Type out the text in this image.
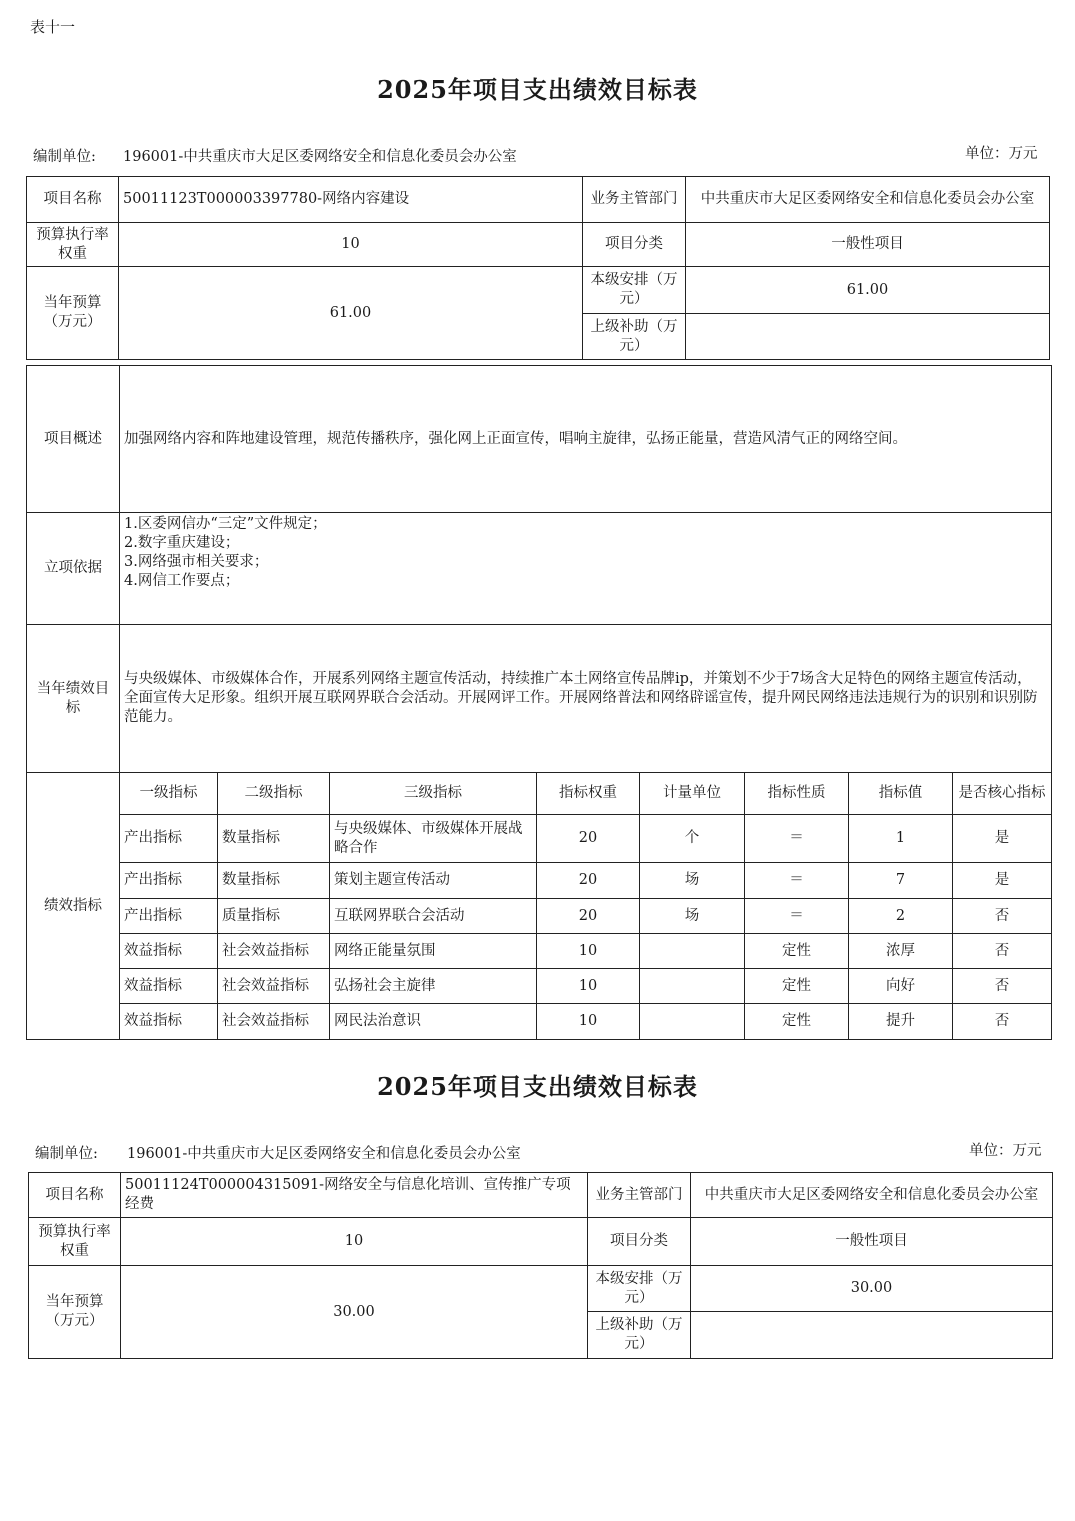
表十一
2025年项目支出绩效目标表
编制单位: 196001-中共重庆市大足区委网络安全和信息化委员会办公室	单位：万元
项目名称	50011123T000003397780-网络内容建设	业务主管部门	中共重庆市大足区委网络安全和信息化委员会办公室
预算执行率权重	10	项目分类	一般性项目
当年预算（万元）	61.00	本级安排（万元）	61.00
		上级补助（万元）	
项目概述	加强网络内容和阵地建设管理，规范传播秩序，强化网上正面宣传，唱响主旋律，弘扬正能量，营造风清气正的网络空间。
立项依据	1.区委网信办“三定”文件规定；
2.数字重庆建设；
3.网络强市相关要求；
4.网信工作要点；

当年绩效目标	与央级媒体、市级媒体合作，开展系列网络主题宣传活动，持续推广本土网络宣传品牌ip，并策划不少于7场含大足特色的网络主题宣传活动，全面宣传大足形象。组织开展互联网界联合会活动。开展网评工作。开展网络普法和网络辟谣宣传，提升网民网络违法违规行为的识别和识别防范能力。
绩效指标	一级指标	二级指标	三级指标	指标权重	计量单位	指标性质	指标值	是否核心指标
	产出指标	数量指标	与央级媒体、市级媒体开展战略合作	20	个	＝	1	是
	产出指标	数量指标	策划主题宣传活动	20	场	＝	7	是
	产出指标	质量指标	互联网界联合会活动	20	场	＝	2	否
	效益指标	社会效益指标	网络正能量氛围	10		定性	浓厚	否
	效益指标	社会效益指标	弘扬社会主旋律	10		定性	向好	否
	效益指标	社会效益指标	网民法治意识	10		定性	提升	否
2025年项目支出绩效目标表
编制单位: 196001-中共重庆市大足区委网络安全和信息化委员会办公室	单位：万元
项目名称	50011124T000004315091-网络安全与信息化培训、宣传推广专项经费	业务主管部门	中共重庆市大足区委网络安全和信息化委员会办公室
预算执行率权重	10	项目分类	一般性项目
当年预算（万元）	30.00	本级安排（万元）	30.00
		上级补助（万元）	
